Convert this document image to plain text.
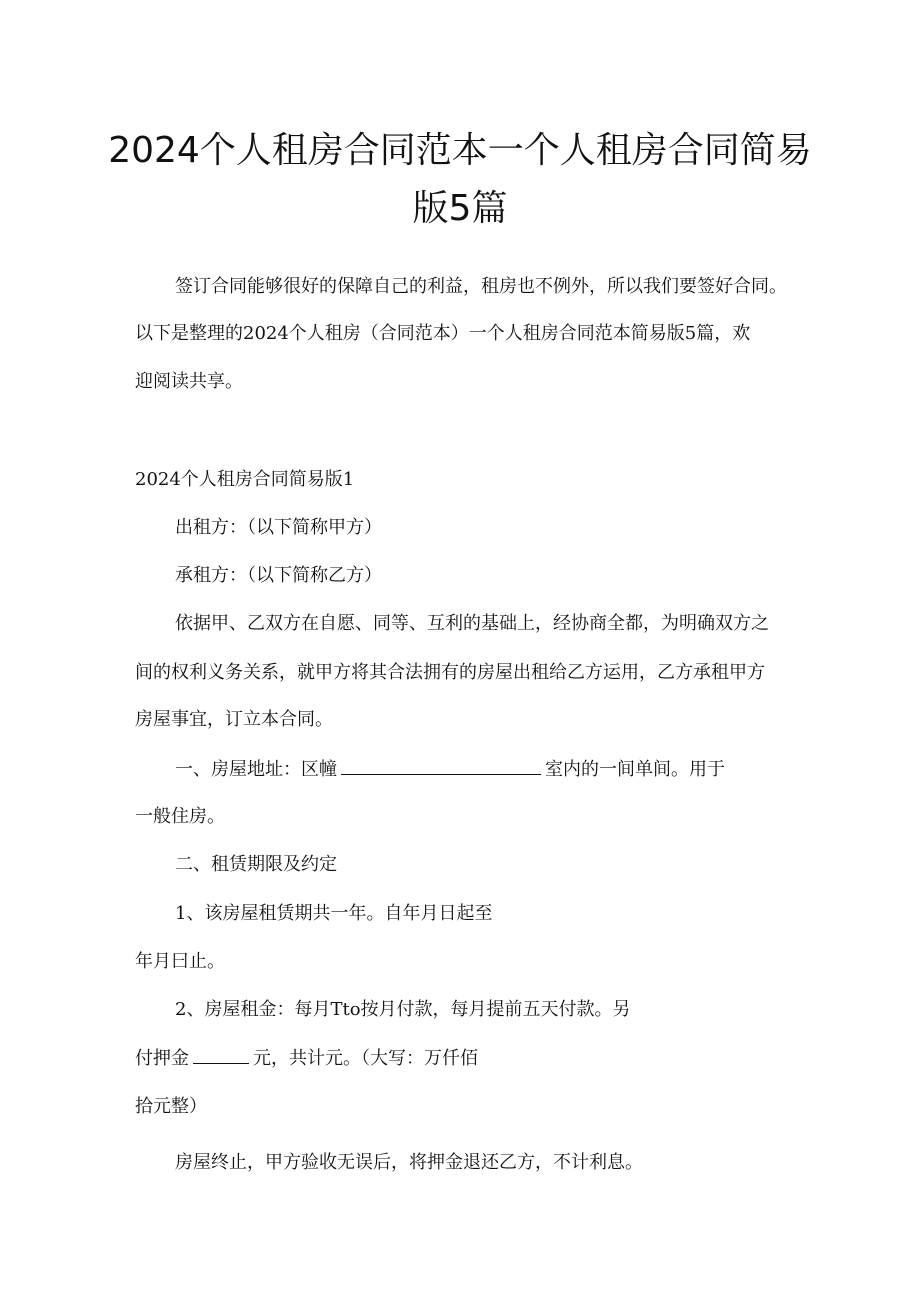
2024个人租房合同范本一个人租房合同简易
版5篇
签订合同能够很好的保障自己的利益，租房也不例外，所以我们要签好合同。
以下是整理的2024个人租房（合同范本）一个人租房合同范本简易版5篇，欢
迎阅读共享。
2024个人租房合同简易版1
出租方：（以下简称甲方）
承租方：（以下简称乙方）
依据甲、乙双方在自愿、同等、互利的基础上，经协商全都，为明确双方之
间的权利义务关系，就甲方将其合法拥有的房屋出租给乙方运用，乙方承租甲方
房屋事宜，订立本合同。
一、房屋地址：区幢	室内的一间单间。用于
一般住房。
二、租赁期限及约定
1、该房屋租赁期共一年。自年月日起至
年月曰止。
2、房屋租金：每月Tto按月付款，每月提前五天付款。另
付押金	元，共计元。（大写：万仟佰
拾元整）
房屋终止，甲方验收无误后，将押金退还乙方，不计利息。
